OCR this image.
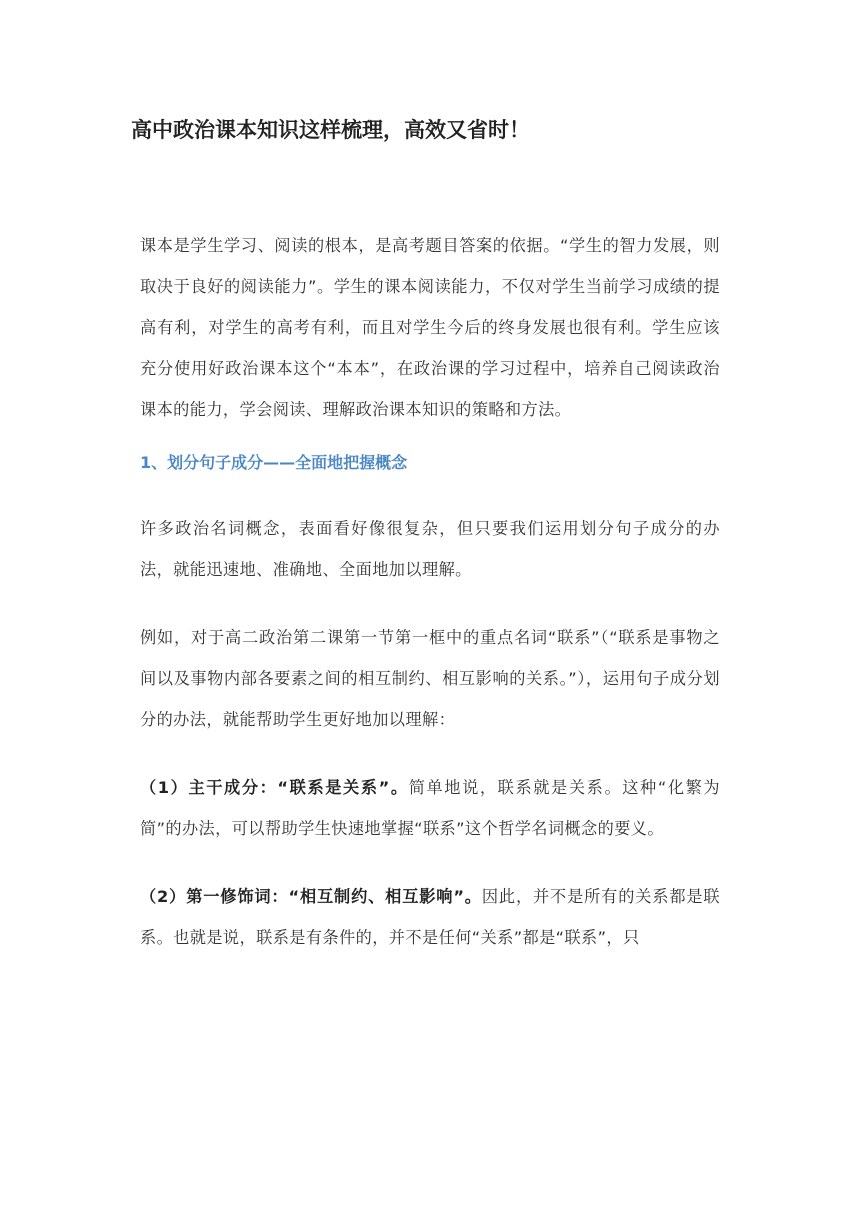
高中政治课本知识这样梳理，高效又省时！

课本是学生学习、阅读的根本，是高考题目答案的依据。“学生的智力发展，则取决于良好的阅读能力”。学生的课本阅读能力，不仅对学生当前学习成绩的提高有利，对学生的高考有利，而且对学生今后的终身发展也很有利。学生应该充分使用好政治课本这个“本本”，在政治课的学习过程中，培养自己阅读政治课本的能力，学会阅读、理解政治课本知识的策略和方法。

1、划分句子成分——全面地把握概念

许多政治名词概念，表面看好像很复杂，但只要我们运用划分句子成分的办法，就能迅速地、准确地、全面地加以理解。

例如，对于高二政治第二课第一节第一框中的重点名词“联系”（“联系是事物之间以及事物内部各要素之间的相互制约、相互影响的关系。”），运用句子成分划分的办法，就能帮助学生更好地加以理解：

（1）主干成分：“联系是关系”。简单地说，联系就是关系。这种“化繁为简”的办法，可以帮助学生快速地掌握“联系”这个哲学名词概念的要义。

（2）第一修饰词：“相互制约、相互影响”。因此，并不是所有的关系都是联系。也就是说，联系是有条件的，并不是任何“关系”都是“联系”，只
